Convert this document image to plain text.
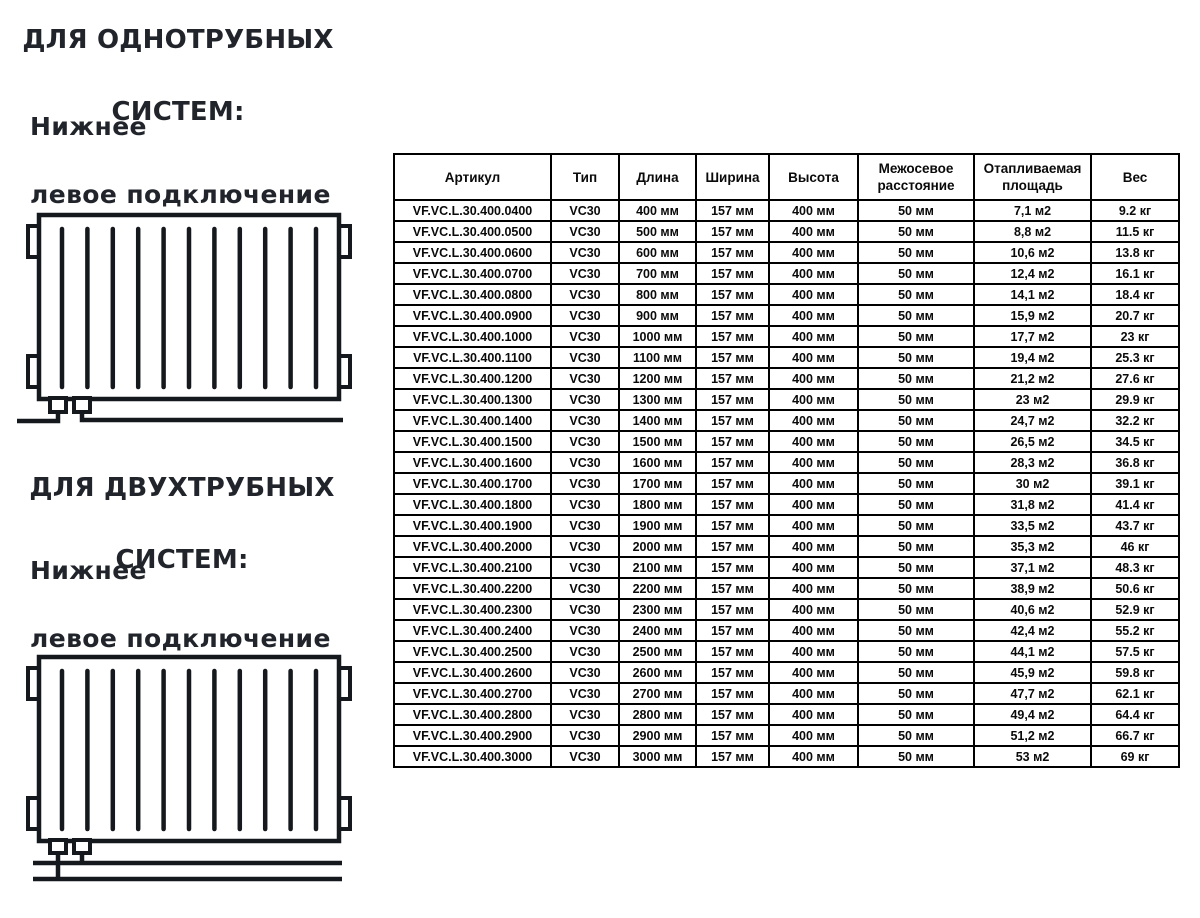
ДЛЯ ОДНОТРУБНЫХ

СИСТЕМ:
Нижнее

левое подключение
ДЛЯ ДВУХТРУБНЫХ

СИСТЕМ:
Нижнее

левое подключение
Артикул	Тип	Длина	Ширина	Высота	Межосевое расстояние	Отапливаемая площадь	Вес
VF.VC.L.30.400.0400	VC30	400 мм	157 мм	400 мм	50 мм	7,1 м2	9.2 кг
VF.VC.L.30.400.0500	VC30	500 мм	157 мм	400 мм	50 мм	8,8 м2	11.5 кг
VF.VC.L.30.400.0600	VC30	600 мм	157 мм	400 мм	50 мм	10,6 м2	13.8 кг
VF.VC.L.30.400.0700	VC30	700 мм	157 мм	400 мм	50 мм	12,4 м2	16.1 кг
VF.VC.L.30.400.0800	VC30	800 мм	157 мм	400 мм	50 мм	14,1 м2	18.4 кг
VF.VC.L.30.400.0900	VC30	900 мм	157 мм	400 мм	50 мм	15,9 м2	20.7 кг
VF.VC.L.30.400.1000	VC30	1000 мм	157 мм	400 мм	50 мм	17,7 м2	23 кг
VF.VC.L.30.400.1100	VC30	1100 мм	157 мм	400 мм	50 мм	19,4 м2	25.3 кг
VF.VC.L.30.400.1200	VC30	1200 мм	157 мм	400 мм	50 мм	21,2 м2	27.6 кг
VF.VC.L.30.400.1300	VC30	1300 мм	157 мм	400 мм	50 мм	23 м2	29.9 кг
VF.VC.L.30.400.1400	VC30	1400 мм	157 мм	400 мм	50 мм	24,7 м2	32.2 кг
VF.VC.L.30.400.1500	VC30	1500 мм	157 мм	400 мм	50 мм	26,5 м2	34.5 кг
VF.VC.L.30.400.1600	VC30	1600 мм	157 мм	400 мм	50 мм	28,3 м2	36.8 кг
VF.VC.L.30.400.1700	VC30	1700 мм	157 мм	400 мм	50 мм	30 м2	39.1 кг
VF.VC.L.30.400.1800	VC30	1800 мм	157 мм	400 мм	50 мм	31,8 м2	41.4 кг
VF.VC.L.30.400.1900	VC30	1900 мм	157 мм	400 мм	50 мм	33,5 м2	43.7 кг
VF.VC.L.30.400.2000	VC30	2000 мм	157 мм	400 мм	50 мм	35,3 м2	46 кг
VF.VC.L.30.400.2100	VC30	2100 мм	157 мм	400 мм	50 мм	37,1 м2	48.3 кг
VF.VC.L.30.400.2200	VC30	2200 мм	157 мм	400 мм	50 мм	38,9 м2	50.6 кг
VF.VC.L.30.400.2300	VC30	2300 мм	157 мм	400 мм	50 мм	40,6 м2	52.9 кг
VF.VC.L.30.400.2400	VC30	2400 мм	157 мм	400 мм	50 мм	42,4 м2	55.2 кг
VF.VC.L.30.400.2500	VC30	2500 мм	157 мм	400 мм	50 мм	44,1 м2	57.5 кг
VF.VC.L.30.400.2600	VC30	2600 мм	157 мм	400 мм	50 мм	45,9 м2	59.8 кг
VF.VC.L.30.400.2700	VC30	2700 мм	157 мм	400 мм	50 мм	47,7 м2	62.1 кг
VF.VC.L.30.400.2800	VC30	2800 мм	157 мм	400 мм	50 мм	49,4 м2	64.4 кг
VF.VC.L.30.400.2900	VC30	2900 мм	157 мм	400 мм	50 мм	51,2 м2	66.7 кг
VF.VC.L.30.400.3000	VC30	3000 мм	157 мм	400 мм	50 мм	53 м2	69 кг
